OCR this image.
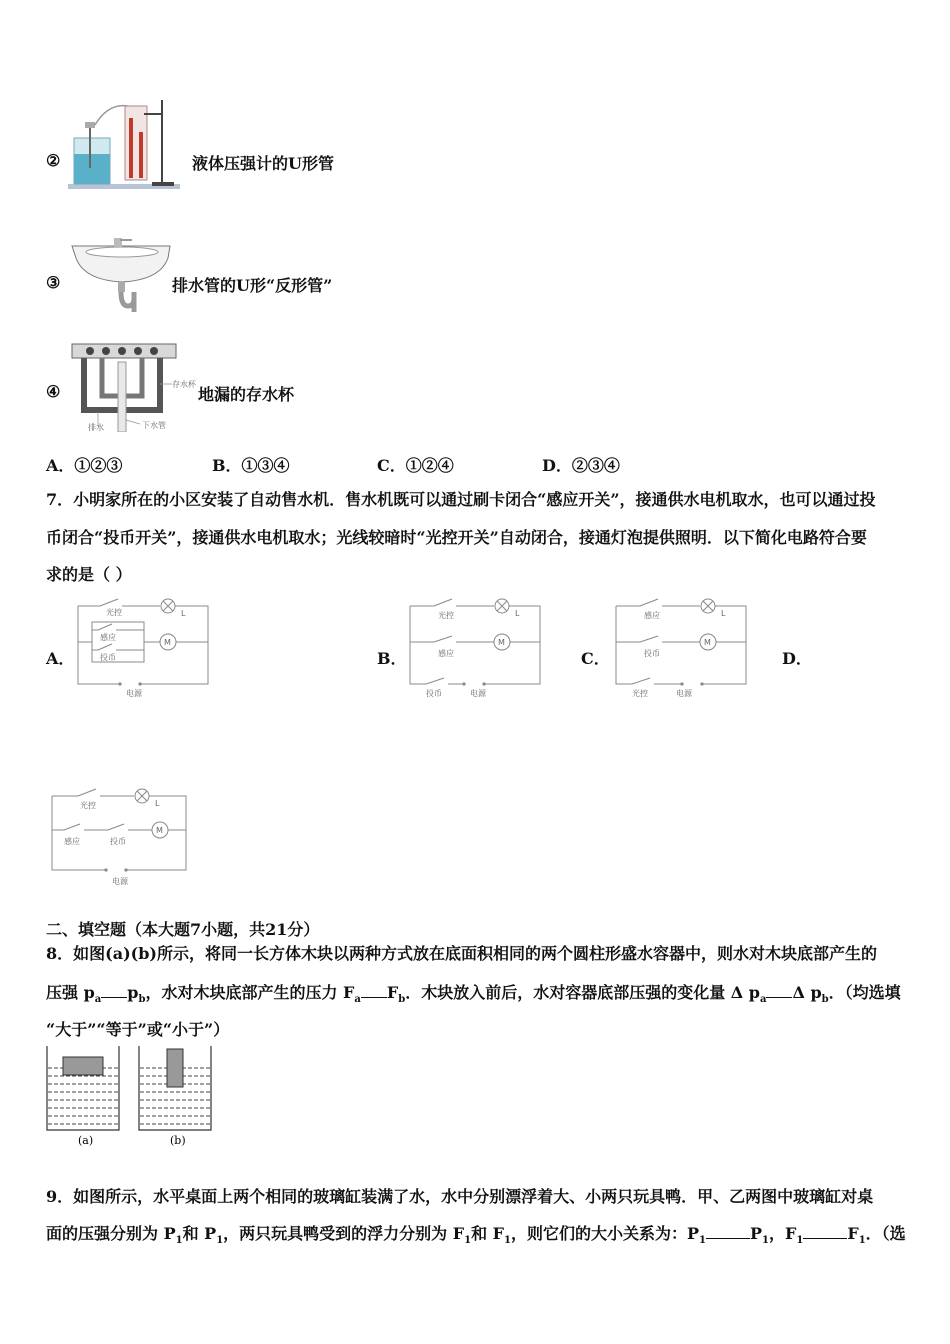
②	液体压强计的U形管
③	排水管的U形“反形管”
④	存水杯
排水	下水管
地漏的存水杯
A．①②③	B．①③④	C．①②④	D．②③④
7．小明家所在的小区安装了自动售水机．售水机既可以通过刷卡闭合“感应开关”，接通供水电机取水，也可以通过投
币闭合“投币开关”，接通供水电机取水；光线较暗时“光控开关”自动闭合，接通灯泡提供照明．以下简化电路符合要
求的是（ ）
A．
光控	L
感应
投币
M
电源
B．
光控	L
感应
M
投币	电源
C．
感应	L
投币
M
光控	电源
D．
光控	L
感应	投币
M
电源
二、填空题（本大题7小题，共21分）
8．如图(a)(b)所示，将同一长方体木块以两种方式放在底面积相同的两个圆柱形盛水容器中，则水对木块底部产生的
压强 $p_a$ $p_b$，水对木块底部产生的压力 $F_a$ $F_b$．木块放入前后，水对容器底部压强的变化量 Δ $p_a$ Δ $p_b$．（均选填
“大于”“等于”或“小于”）
(a)	(b)
9．如图所示，水平桌面上两个相同的玻璃缸装满了水，水中分别漂浮着大、小两只玩具鸭．甲、乙两图中玻璃缸对桌
面的压强分别为 $P_1$和 $P_1$，两只玩具鸭受到的浮力分别为 $F_1$和 $F_1$，则它们的大小关系为：$P_1$	$P_1$，$F_1$	$F_1$．（选
